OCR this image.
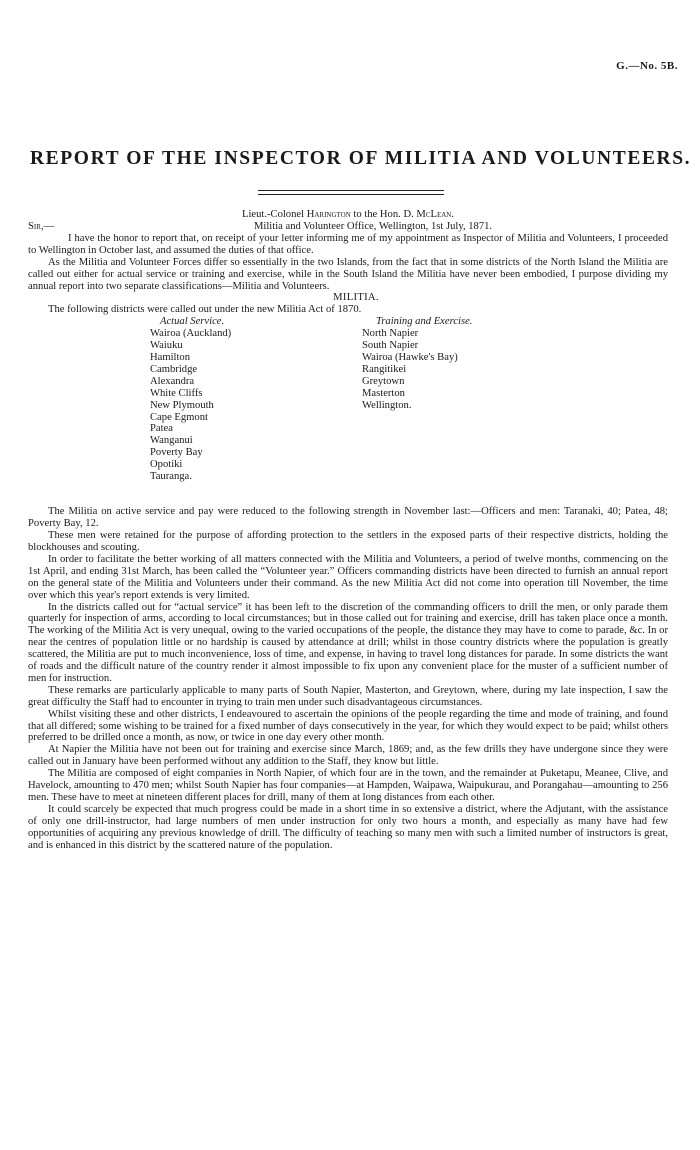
G.—No. 5B.
REPORT OF THE INSPECTOR OF MILITIA AND VOLUNTEERS.

Lieut.-Colonel Harington to the Hon. D. McLean.

Sir,—	Militia and Volunteer Office, Wellington, 1st July, 1871.

I have the honor to report that, on receipt of your letter informing me of my appointment as Inspector of Militia and Volunteers, I proceeded to Wellington in October last, and assumed the duties of that office.

As the Militia and Volunteer Forces differ so essentially in the two Islands, from the fact that in some districts of the North Island the Militia are called out either for actual service or training and exercise, while in the South Island the Militia have never been embodied, I purpose dividing my annual report into two separate classifications—Militia and Volunteers.

MILITIA.

The following districts were called out under the new Militia Act of 1870.

Actual Service.
Wairoa (Auckland)
Waiuku
Hamilton
Cambridge
Alexandra
White Cliffs
New Plymouth
Cape Egmont
Patea
Wanganui
Poverty Bay
Opotiki
Tauranga.
Training and Exercise.
North Napier
South Napier
Wairoa (Hawke's Bay)
Rangitikei
Greytown
Masterton
Wellington.

The Militia on active service and pay were reduced to the following strength in November last:—Officers and men: Taranaki, 40; Patea, 48; Poverty Bay, 12.

These men were retained for the purpose of affording protection to the settlers in the exposed parts of their respective districts, holding the blockhouses and scouting.

In order to facilitate the better working of all matters connected with the Militia and Volunteers, a period of twelve months, commencing on the 1st April, and ending 31st March, has been called the “Volunteer year.” Officers commanding districts have been directed to furnish an annual report on the general state of the Militia and Volunteers under their command. As the new Militia Act did not come into operation till November, the time over which this year's report extends is very limited.

In the districts called out for “actual service” it has been left to the discretion of the commanding officers to drill the men, or only parade them quarterly for inspection of arms, according to local circumstances; but in those called out for training and exercise, drill has taken place once a month. The working of the Militia Act is very unequal, owing to the varied occupations of the people, the distance they may have to come to parade, &c. In or near the centres of population little or no hardship is caused by attendance at drill; whilst in those country districts where the population is greatly scattered, the Militia are put to much inconvenience, loss of time, and expense, in having to travel long distances for parade. In some districts the want of roads and the difficult nature of the country render it almost impossible to fix upon any convenient place for the muster of a sufficient number of men for instruction.

These remarks are particularly applicable to many parts of South Napier, Masterton, and Greytown, where, during my late inspection, I saw the great difficulty the Staff had to encounter in trying to train men under such disadvantageous circumstances.

Whilst visiting these and other districts, I endeavoured to ascertain the opinions of the people regarding the time and mode of training, and found that all differed; some wishing to be trained for a fixed number of days consecutively in the year, for which they would expect to be paid; whilst others preferred to be drilled once a month, as now, or twice in one day every other month.

At Napier the Militia have not been out for training and exercise since March, 1869; and, as the few drills they have undergone since they were called out in January have been performed without any addition to the Staff, they know but little.

The Militia are composed of eight companies in North Napier, of which four are in the town, and the remainder at Puketapu, Meanee, Clive, and Havelock, amounting to 470 men; whilst South Napier has four companies—at Hampden, Waipawa, Waipukurau, and Porangahau—amounting to 256 men. These have to meet at nineteen different places for drill, many of them at long distances from each other.

It could scarcely be expected that much progress could be made in a short time in so extensive a district, where the Adjutant, with the assistance of only one drill-instructor, had large numbers of men under instruction for only two hours a month, and especially as many have had few opportunities of acquiring any previous knowledge of drill. The difficulty of teaching so many men with such a limited number of instructors is great, and is enhanced in this district by the scattered nature of the population.
